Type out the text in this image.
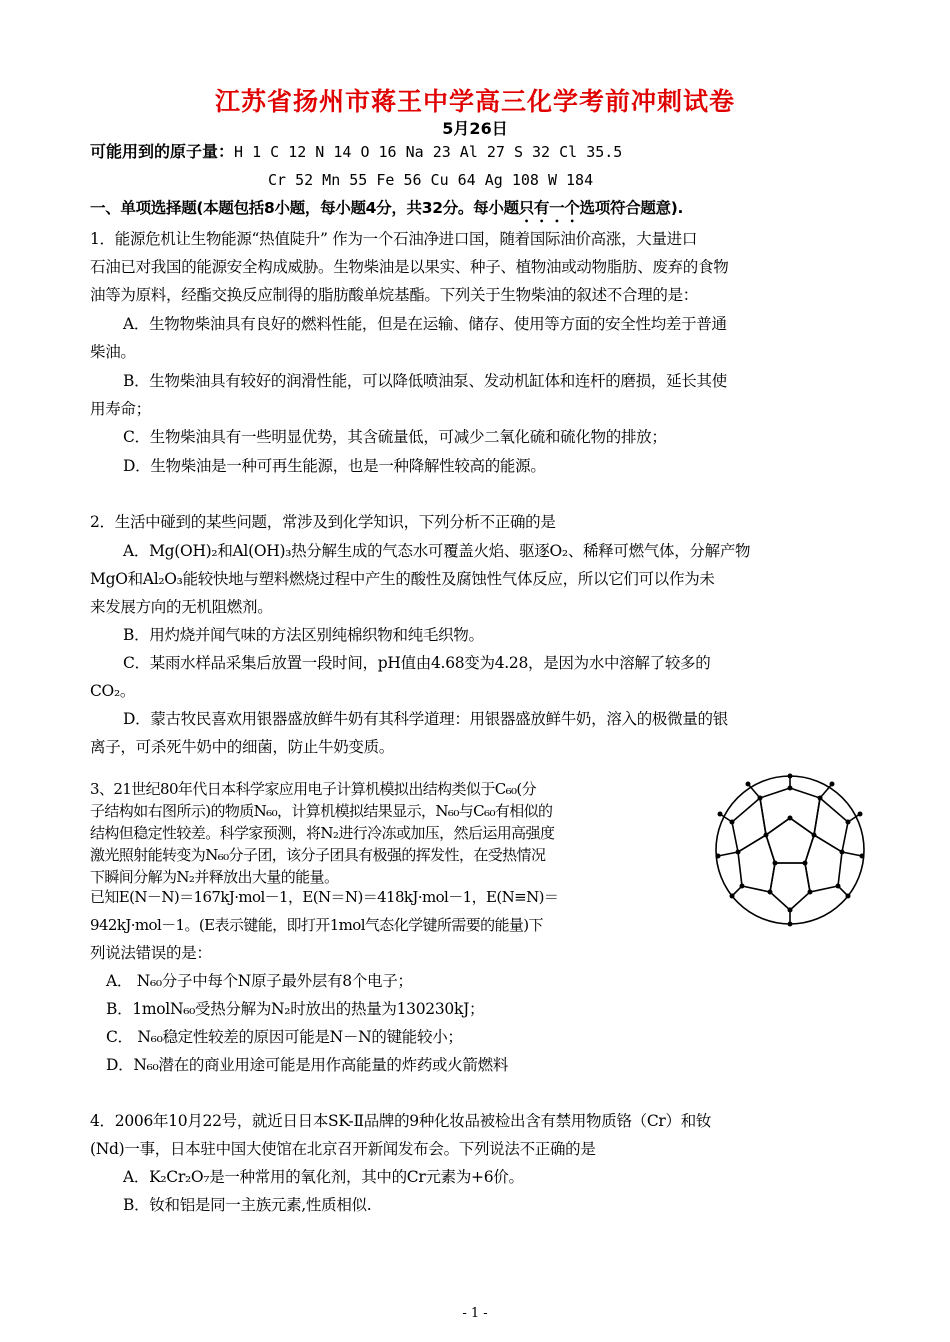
江苏省扬州市蒋王中学高三化学考前冲刺试卷
5月26日
可能用到的原子量：H 1 C 12 N 14 O 16 Na 23 Al 27 S 32 Cl 35.5
Cr 52 Mn 55 Fe 56 Cu 64 Ag 108 W 184
一、单项选择题(本题包括8小题，每小题4分，共32分。每小题只有一个选项符合题意).
1．能源危机让生物能源“热值陡升” 作为一个石油净进口国，随着国际油价高涨，大量进口
石油已对我国的能源安全构成威胁。生物柴油是以果实、种子、植物油或动物脂肪、废弃的食物
油等为原料，经酯交换反应制得的脂肪酸单烷基酯。下列关于生物柴油的叙述不合理的是：
A．生物物柴油具有良好的燃料性能，但是在运输、储存、使用等方面的安全性均差于普通
柴油。
B．生物柴油具有较好的润滑性能，可以降低喷油泵、发动机缸体和连杆的磨损，延长其使
用寿命；
C．生物柴油具有一些明显优势，其含硫量低，可减少二氧化硫和硫化物的排放；
D．生物柴油是一种可再生能源，也是一种降解性较高的能源。
2．生活中碰到的某些问题，常涉及到化学知识，下列分析不正确的是
A．Mg(OH)₂和Al(OH)₃热分解生成的气态水可覆盖火焰、驱逐O₂、稀释可燃气体，分解产物
MgO和Al₂O₃能较快地与塑料燃烧过程中产生的酸性及腐蚀性气体反应，所以它们可以作为未
来发展方向的无机阻燃剂。
B．用灼烧并闻气味的方法区别纯棉织物和纯毛织物。
C．某雨水样品采集后放置一段时间，pH值由4.68变为4.28，是因为水中溶解了较多的
CO₂。
D．蒙古牧民喜欢用银器盛放鲜牛奶有其科学道理：用银器盛放鲜牛奶，溶入的极微量的银
离子，可杀死牛奶中的细菌，防止牛奶变质。
3、21世纪80年代日本科学家应用电子计算机模拟出结构类似于C₆₀(分
子结构如右图所示)的物质N₆₀，计算机模拟结果显示，N₆₀与C₆₀有相似的
结构但稳定性较差。科学家预测，将N₂进行冷冻或加压，然后运用高强度
激光照射能转变为N₆₀分子团，该分子团具有极强的挥发性，在受热情况
下瞬间分解为N₂并释放出大量的能量。
已知E(N－N)＝167kJ·mol－1，E(N＝N)＝418kJ·mol－1，E(N≡N)＝
942kJ·mol－1。(E表示键能，即打开1mol气态化学键所需要的能量)下
列说法错误的是：
A． N₆₀分子中每个N原子最外层有8个电子；
B．1molN₆₀受热分解为N₂时放出的热量为130230kJ；
C． N₆₀稳定性较差的原因可能是N－N的键能较小；
D．N₆₀潜在的商业用途可能是用作高能量的炸药或火箭燃料
4．2006年10月22号，就近日日本SK-Ⅱ品牌的9种化妆品被检出含有禁用物质铬（Cr）和钕
(Nd)一事，日本驻中国大使馆在北京召开新闻发布会。下列说法不正确的是
A．K₂Cr₂O₇是一种常用的氧化剂，其中的Cr元素为+6价。
B．钕和铝是同一主族元素,性质相似.
- 1 -
